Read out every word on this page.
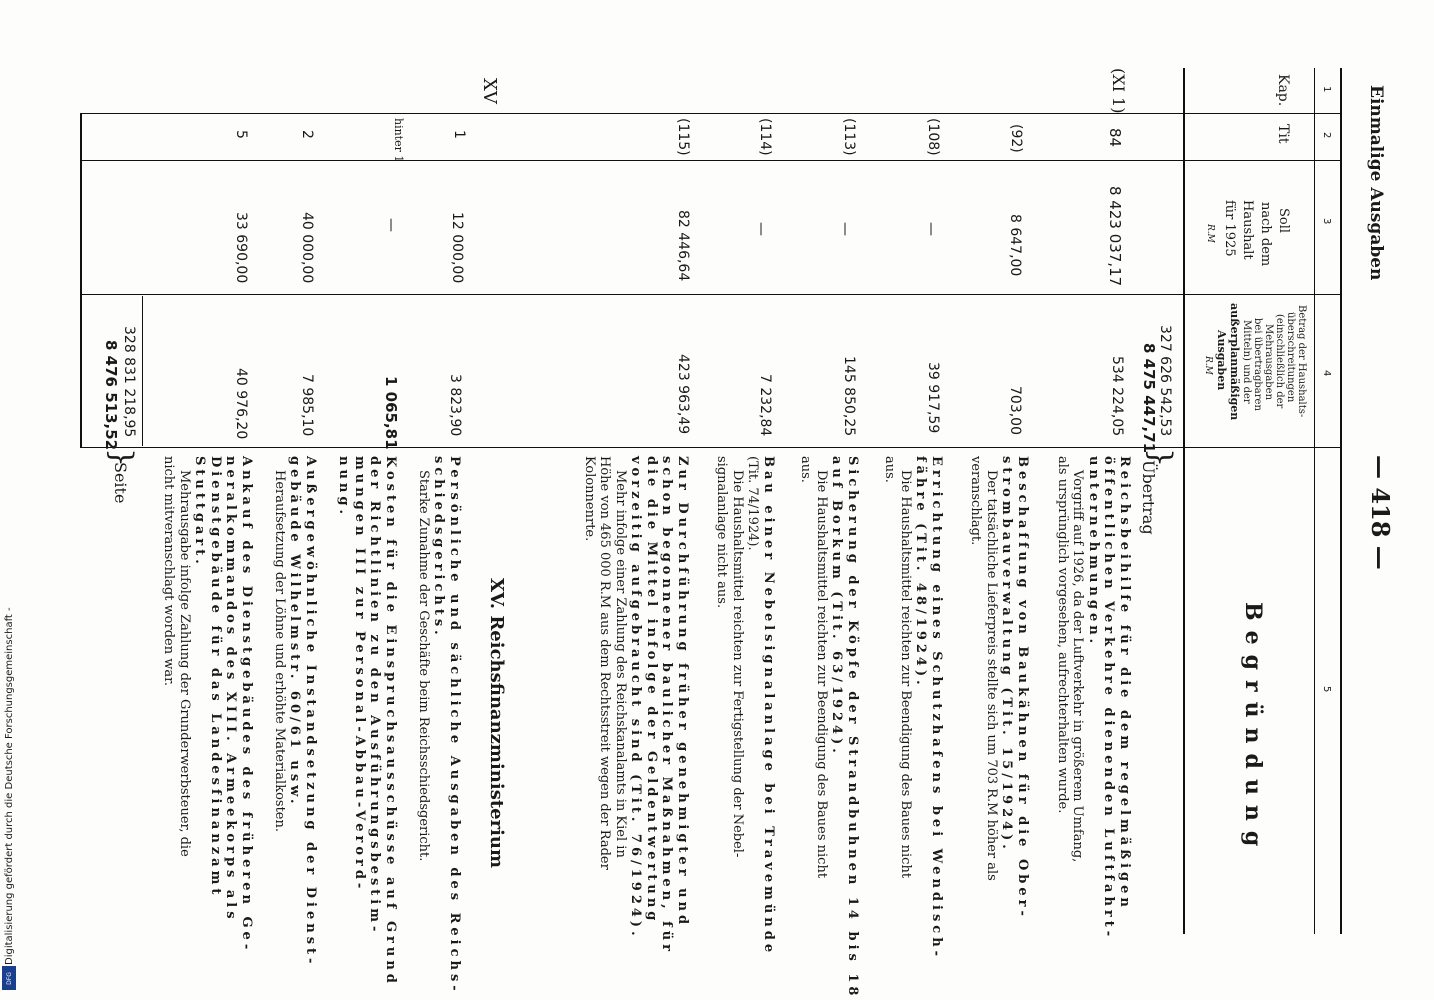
Einmalige Ausgaben
— 418 —
1
2
3
4
5
Kap.
Tit
Soll
nach dem
Haushalt
für 1925
R.M
Betrag der Haushalts-
überschreitungen
(einschließlich der
Mehrausgaben
bei übertragbaren
Mitteln) und der
außerplanmäßigen
Ausgaben
R.M
Begründung
327 626 542,53
8 475 447,71
}
Übertrag
(XI 1)
84
8 423 037,17
534 224,05
Reichsbeihilfe für die dem regelmäßigen
öffentlichen Verkehre dienenden Luftfahrt-
unternehmungen.
Vorgriff auf 1926, da der Luftverkehr in größerem Umfang,
als ursprünglich vorgesehen, aufrechterhalten wurde.
(92)
8 647,00
703,00
Beschaffung von Baukähnen für die Ober-
strombauverwaltung (Tit. 15/1924).
Der tatsächliche Lieferpreis stellte sich um 703 R.M höher als
veranschlagt.
(108)
—
39 917,59
Errichtung eines Schutzhafens bei Wendisch-
fähre (Tit. 48/1924).
Die Haushaltsmittel reichten zur Beendigung des Baues nicht
aus.
(113)
—
145 850,25
Sicherung der Köpfe der Strandbuhnen 14 bis 18
auf Borkum (Tit. 63/1924).
Die Haushaltsmittel reichten zur Beendigung des Baues nicht
aus.
(114)
—
7 232,84
Bau einer Nebelsignalanlage bei Travemünde
(Tit. 74/1924).
Die Haushaltsmittel reichten zur Fertigstellung der Nebel-
signalanlage nicht aus.
(115)
82 446,64
423 963,49
Zur Durchführung früher genehmigter und
schon begonnener baulicher Maßnahmen, für
die die Mittel infolge der Geldentwertung
vorzeitig aufgebraucht sind (Tit. 76/1924).
Mehr infolge einer Zahlung des Reichskanalamts in Kiel in
Höhe von 465 000 R.M aus dem Rechtsstreit wegen der Rader
Kolonnenrte.
XV. Reichsfinanzministerium
XV
1
12 000,00
3 823,90
Persönliche und sächliche Ausgaben des Reichs-
schiedsgerichts.
Starke Zunahme der Geschäfte beim Reichsschiedsgericht.
hinter 1
—
1 065,81
Kosten für die Einspruchsausschüsse auf Grund
der Richtlinien zu den Ausführungsbestim-
mungen III zur Personal-Abbau-Verord-
nung.
2
40 000,00
7 985,10
Außergewöhnliche Instandsetzung der Dienst-
gebäude Wilhelmstr. 60/61 usw.
Heraufsetzung der Löhne und erhöhte Materialkosten.
5
33 690,00
40 976,20
Ankauf des Dienstgebäudes des früheren Ge-
neralkommandos des XIII. Armeekorps als
Dienstgebäude für das Landesfinanzamt
Stuttgart.
Mehrausgabe infolge Zahlung der Grunderwerbsteuer, die
nicht mitveranschlagt worden war.
328 831 218,95
8 476 513,52
}
Seite
Digitalisierung gefördert durch die Deutsche Forschungsgemeinschaft -
DFG
